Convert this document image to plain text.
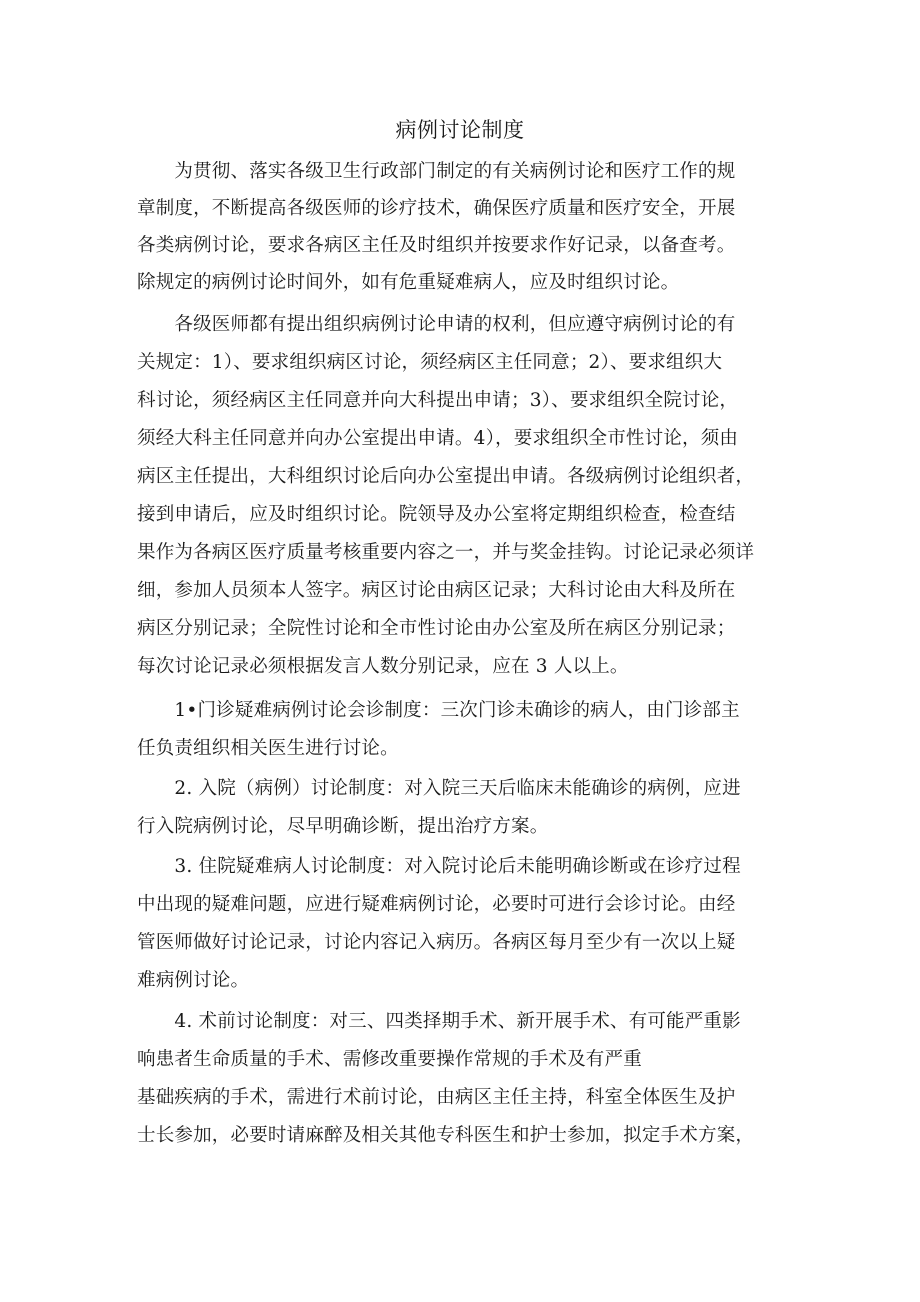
病例讨论制度
　　为贯彻、落实各级卫生行政部门制定的有关病例讨论和医疗工作的规
章制度，不断提高各级医师的诊疗技术，确保医疗质量和医疗安全，开展
各类病例讨论，要求各病区主任及时组织并按要求作好记录，以备查考。
除规定的病例讨论时间外，如有危重疑难病人，应及时组织讨论。
　　各级医师都有提出组织病例讨论申请的权利，但应遵守病例讨论的有
关规定：1）、要求组织病区讨论，须经病区主任同意；2）、要求组织大
科讨论，须经病区主任同意并向大科提出申请；3）、要求组织全院讨论，
须经大科主任同意并向办公室提出申请。4），要求组织全市性讨论，须由
病区主任提出，大科组织讨论后向办公室提出申请。各级病例讨论组织者，
接到申请后，应及时组织讨论。院领导及办公室将定期组织检查，检查结
果作为各病区医疗质量考核重要内容之一，并与奖金挂钩。讨论记录必须详
细，参加人员须本人签字。病区讨论由病区记录；大科讨论由大科及所在
病区分别记录；全院性讨论和全市性讨论由办公室及所在病区分别记录；
每次讨论记录必须根据发言人数分别记录，应在 3 人以上。
　　1•门诊疑难病例讨论会诊制度：三次门诊未确诊的病人，由门诊部主
任负责组织相关医生进行讨论。
　　2. 入院（病例）讨论制度：对入院三天后临床未能确诊的病例，应进
行入院病例讨论，尽早明确诊断，提出治疗方案。
　　3. 住院疑难病人讨论制度：对入院讨论后未能明确诊断或在诊疗过程
中出现的疑难问题，应进行疑难病例讨论，必要时可进行会诊讨论。由经
管医师做好讨论记录，讨论内容记入病历。各病区每月至少有一次以上疑
难病例讨论。
　　4. 术前讨论制度：对三、四类择期手术、新开展手术、有可能严重影
响患者生命质量的手术、需修改重要操作常规的手术及有严重
基础疾病的手术，需进行术前讨论，由病区主任主持，科室全体医生及护
士长参加，必要时请麻醉及相关其他专科医生和护士参加，拟定手术方案，
